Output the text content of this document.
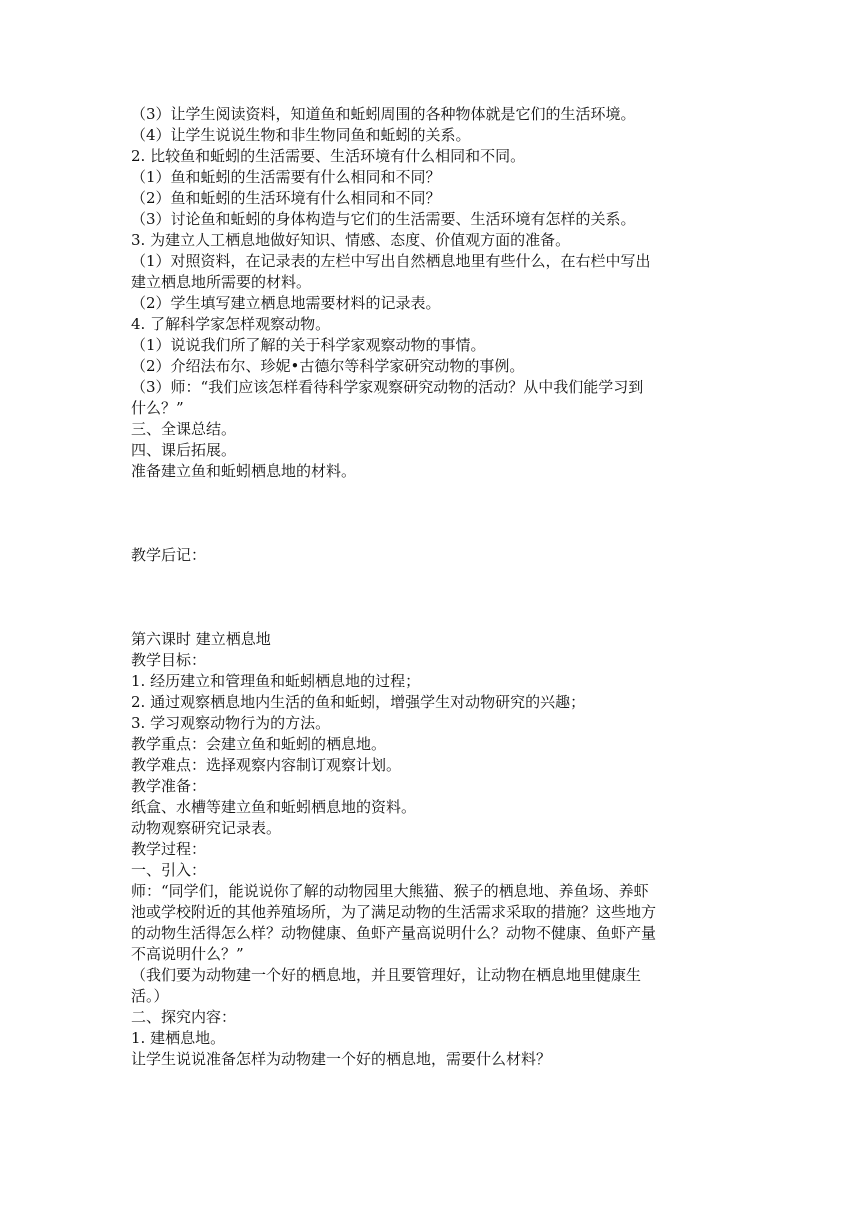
（3）让学生阅读资料，知道鱼和蚯蚓周围的各种物体就是它们的生活环境。
（4）让学生说说生物和非生物同鱼和蚯蚓的关系。
2. 比较鱼和蚯蚓的生活需要、生活环境有什么相同和不同。
（1）鱼和蚯蚓的生活需要有什么相同和不同？
（2）鱼和蚯蚓的生活环境有什么相同和不同？
（3）讨论鱼和蚯蚓的身体构造与它们的生活需要、生活环境有怎样的关系。
3. 为建立人工栖息地做好知识、情感、态度、价值观方面的准备。
（1）对照资料，在记录表的左栏中写出自然栖息地里有些什么，在右栏中写出
建立栖息地所需要的材料。
（2）学生填写建立栖息地需要材料的记录表。
4. 了解科学家怎样观察动物。
（1）说说我们所了解的关于科学家观察动物的事情。
（2）介绍法布尔、珍妮•古德尔等科学家研究动物的事例。
（3）师：“我们应该怎样看待科学家观察研究动物的活动？从中我们能学习到
什么？”
三、全课总结。
四、课后拓展。
准备建立鱼和蚯蚓栖息地的材料。
教学后记：
第六课时 建立栖息地
教学目标：
1. 经历建立和管理鱼和蚯蚓栖息地的过程；
2. 通过观察栖息地内生活的鱼和蚯蚓，增强学生对动物研究的兴趣；
3. 学习观察动物行为的方法。
教学重点：会建立鱼和蚯蚓的栖息地。
教学难点：选择观察内容制订观察计划。
教学准备：
纸盒、水槽等建立鱼和蚯蚓栖息地的资料。
动物观察研究记录表。
教学过程：
一、引入：
师：“同学们，能说说你了解的动物园里大熊猫、猴子的栖息地、养鱼场、养虾
池或学校附近的其他养殖场所，为了满足动物的生活需求采取的措施？这些地方
的动物生活得怎么样？动物健康、鱼虾产量高说明什么？动物不健康、鱼虾产量
不高说明什么？”
（我们要为动物建一个好的栖息地，并且要管理好，让动物在栖息地里健康生
活。）
二、探究内容：
1. 建栖息地。
让学生说说准备怎样为动物建一个好的栖息地，需要什么材料？
